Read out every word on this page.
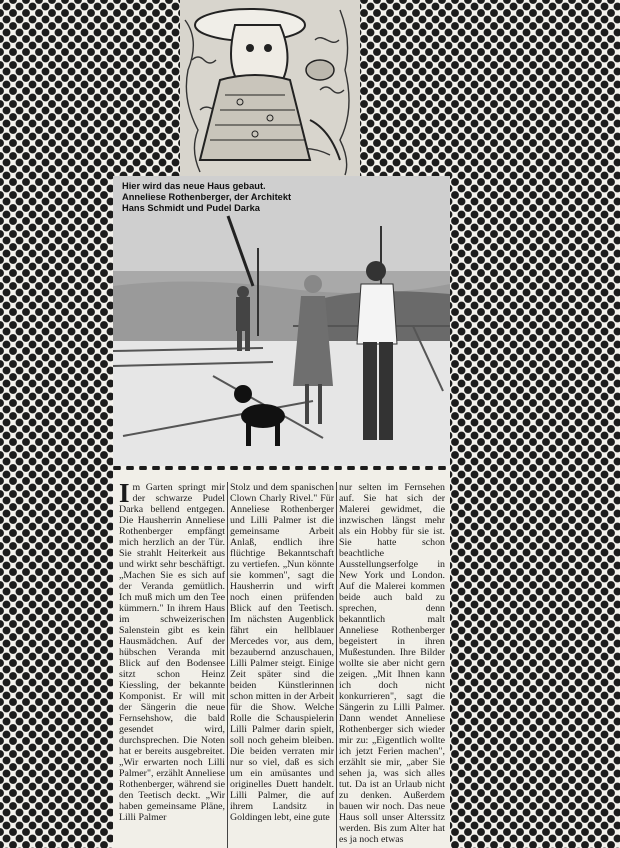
Hier wird das neue Haus gebaut. Anneliese Rothenberger, der Architekt Hans Schmidt und Pudel Darka

I m Garten springt mir der schwarze Pudel Darka bellend entgegen. Die Hausherrin Anneliese Rothenberger empfängt mich herzlich an der Tür. Sie strahlt Heiterkeit aus und wirkt sehr beschäftigt. „Machen Sie es sich auf der Veranda gemütlich. Ich muß mich um den Tee kümmern." In ihrem Haus im schweizerischen Salenstein gibt es kein Hausmädchen. Auf der hübschen Veranda mit Blick auf den Bodensee sitzt schon Heinz Kiessling, der bekannte Komponist. Er will mit der Sängerin die neue Fernsehshow, die bald gesendet wird, durchsprechen. Die Noten hat er bereits ausgebreitet. „Wir erwarten noch Lilli Palmer", erzählt Anneliese Rothenberger, während sie den Teetisch deckt. „Wir haben gemeinsame Pläne, Lilli Palmer

Stolz und dem spanischen Clown Charly Rivel." Für Anneliese Rothenberger und Lilli Palmer ist die gemeinsame Arbeit Anlaß, endlich ihre flüchtige Bekanntschaft zu vertiefen. „Nun könnte sie kommen", sagt die Hausherrin und wirft noch einen prüfenden Blick auf den Teetisch. Im nächsten Augenblick fährt ein hellblauer Mercedes vor, aus dem, bezaubernd anzuschauen, Lilli Palmer steigt. Einige Zeit später sind die beiden Künstlerinnen schon mitten in der Arbeit für die Show. Welche Rolle die Schauspielerin Lilli Palmer darin spielt, soll noch geheim bleiben. Die beiden verraten mir nur so viel, daß es sich um ein amüsantes und originelles Duett handelt. Lilli Palmer, die auf ihrem Landsitz in Goldingen lebt, eine gute

nur selten im Fernsehen auf. Sie hat sich der Malerei gewidmet, die inzwischen längst mehr als ein Hobby für sie ist. Sie hatte schon beachtliche Ausstellungserfolge in New York und London. Auf die Malerei kommen beide auch bald zu sprechen, denn bekanntlich malt Anneliese Rothenberger begeistert in ihren Mußestunden. Ihre Bilder wollte sie aber nicht gern zeigen. „Mit Ihnen kann ich doch nicht konkurrieren", sagt die Sängerin zu Lilli Palmer. Dann wendet Anneliese Rothenberger sich wieder mir zu: „Eigentlich wollte ich jetzt Ferien machen", erzählt sie mir, „aber Sie sehen ja, was sich alles tut. Da ist an Urlaub nicht zu denken. Außerdem bauen wir noch. Das neue Haus soll unser Alterssitz werden. Bis zum Alter hat es ja noch etwas
